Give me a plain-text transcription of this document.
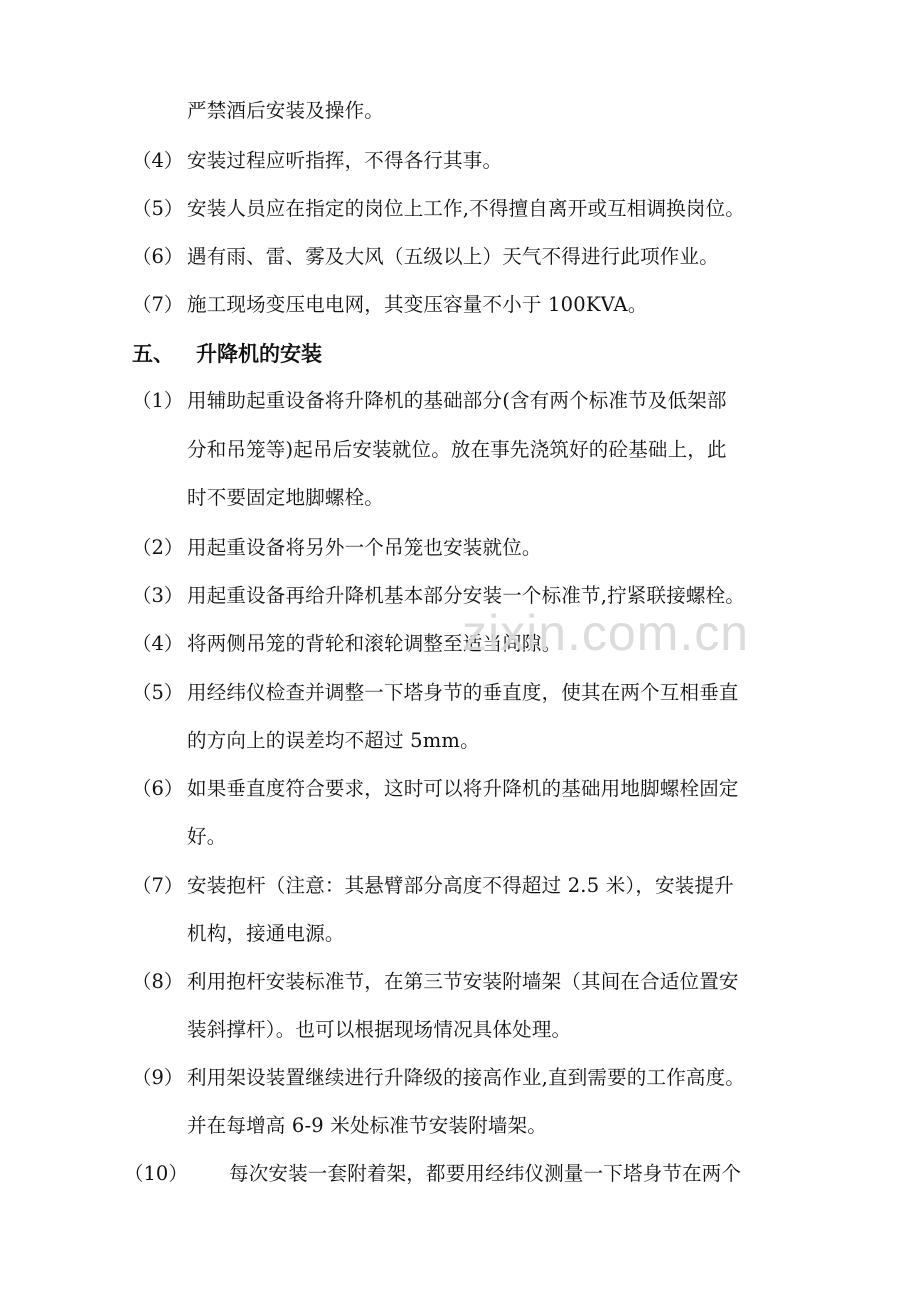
严禁酒后安装及操作。
（4） 安装过程应听指挥，不得各行其事。
（5） 安装人员应在指定的岗位上工作,不得擅自离开或互相调换岗位。
（6） 遇有雨、雷、雾及大风（五级以上）天气不得进行此项作业。
（7） 施工现场变压电电网，其变压容量不小于 100KVA。
五、 升降机的安装
（1） 用辅助起重设备将升降机的基础部分(含有两个标准节及低架部
分和吊笼等)起吊后安装就位。放在事先浇筑好的砼基础上，此
时不要固定地脚螺栓。
（2） 用起重设备将另外一个吊笼也安装就位。
（3） 用起重设备再给升降机基本部分安装一个标准节,拧紧联接螺栓。
（4） 将两侧吊笼的背轮和滚轮调整至适当间隙。
（5） 用经纬仪检查并调整一下塔身节的垂直度，使其在两个互相垂直
的方向上的误差均不超过 5mm。
（6） 如果垂直度符合要求，这时可以将升降机的基础用地脚螺栓固定
好。
（7） 安装抱杆（注意：其悬臂部分高度不得超过 2.5 米），安装提升
机构，接通电源。
（8） 利用抱杆安装标准节，在第三节安装附墙架（其间在合适位置安
装斜撑杆）。也可以根据现场情况具体处理。
（9） 利用架设装置继续进行升降级的接高作业,直到需要的工作高度。
并在每增高 6-9 米处标准节安装附墙架。
（10） 每次安装一套附着架，都要用经纬仪测量一下塔身节在两个
zixin.com.cn
